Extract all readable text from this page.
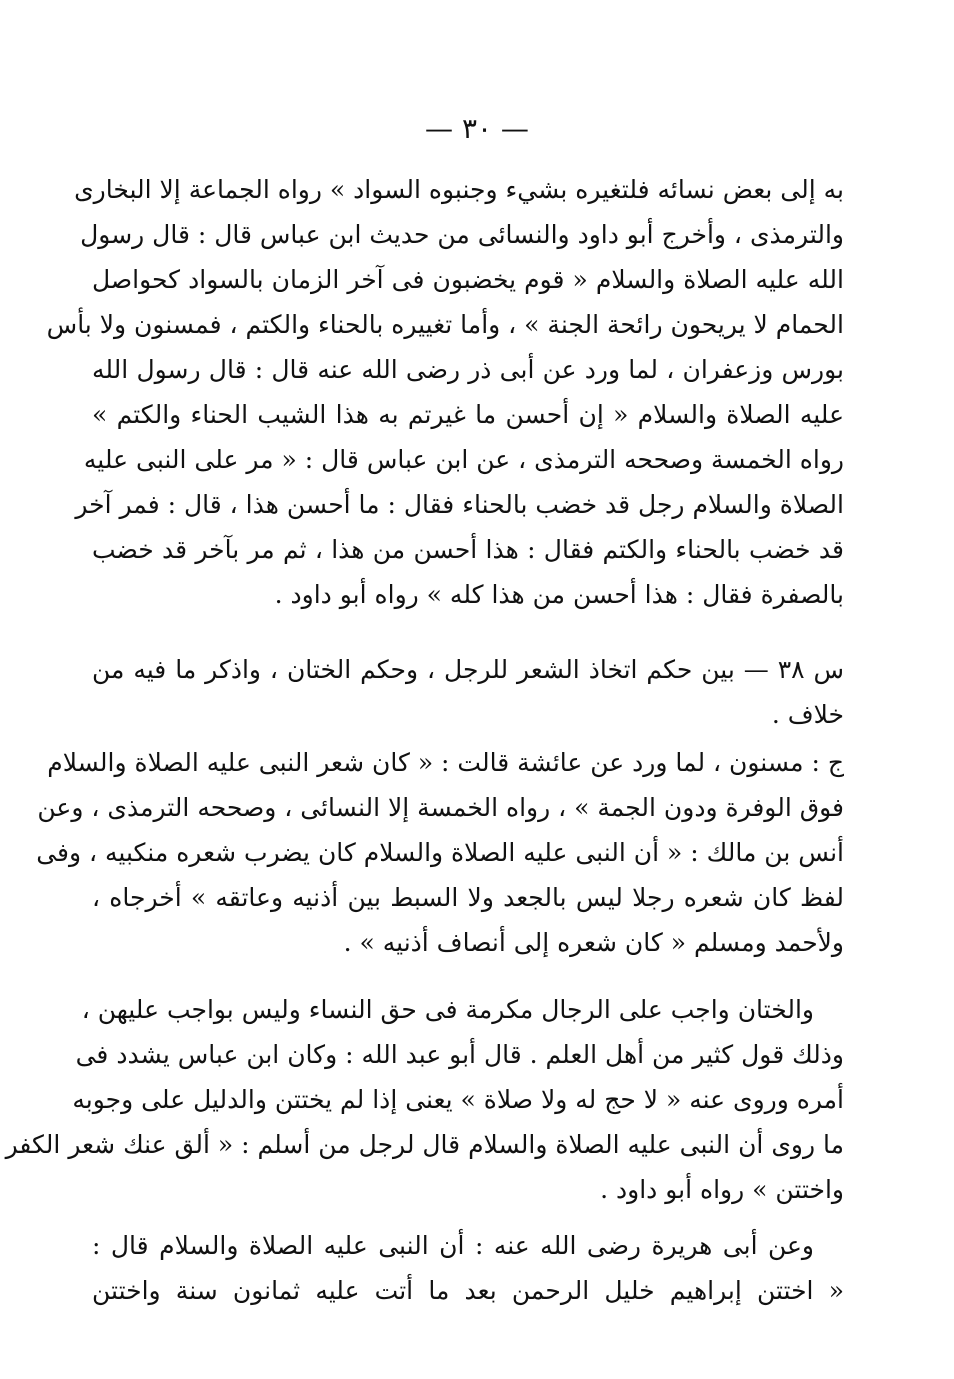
— ٣٠ —
به إلى بعض نسائه فلتغيره بشيء وجنبوه السواد » رواه الجماعة إلا البخارى
والترمذى ، وأخرج أبو داود والنسائى من حديث ابن عباس قال : قال رسول
الله عليه الصلاة والسلام « قوم يخضبون فى آخر الزمان بالسواد كحواصل
الحمام لا يريحون رائحة الجنة » ، وأما تغييره بالحناء والكتم ، فمسنون ولا بأس
بورس وزعفران ، لما ورد عن أبى ذر رضى الله عنه قال : قال رسول الله
عليه الصلاة والسلام « إن أحسن ما غيرتم به هذا الشيب الحناء والكتم »
رواه الخمسة وصححه الترمذى ، عن ابن عباس قال : « مر على النبى عليه
الصلاة والسلام رجل قد خضب بالحناء فقال : ما أحسن هذا ، قال : فمر آخر
قد خضب بالحناء والكتم فقال : هذا أحسن من هذا ، ثم مر بآخر قد خضب
بالصفرة فقال : هذا أحسن من هذا كله » رواه أبو داود .
س ٣٨ — بين حكم اتخاذ الشعر للرجل ، وحكم الختان ، واذكر ما فيه من
خلاف .
ج : مسنون ، لما ورد عن عائشة قالت : « كان شعر النبى عليه الصلاة والسلام
فوق الوفرة ودون الجمة » ، رواه الخمسة إلا النسائى ، وصححه الترمذى ، وعن
أنس بن مالك : « أن النبى عليه الصلاة والسلام كان يضرب شعره منكبيه ، وفى
لفظ كان شعره رجلا ليس بالجعد ولا السبط بين أذنيه وعاتقه » أخرجاه ،
ولأحمد ومسلم « كان شعره إلى أنصاف أذنيه » .
والختان واجب على الرجال مكرمة فى حق النساء وليس بواجب عليهن ،
وذلك قول كثير من أهل العلم . قال أبو عبد الله : وكان ابن عباس يشدد فى
أمره وروى عنه « لا حج له ولا صلاة » يعنى إذا لم يختتن والدليل على وجوبه
ما روى أن النبى عليه الصلاة والسلام قال لرجل من أسلم : « ألق عنك شعر الكفر
واختتن » رواه أبو داود .
وعن أبى هريرة رضى الله عنه : أن النبى عليه الصلاة والسلام قال :
« اختتن إبراهيم خليل الرحمن بعد ما أتت عليه ثمانون سنة واختتن
